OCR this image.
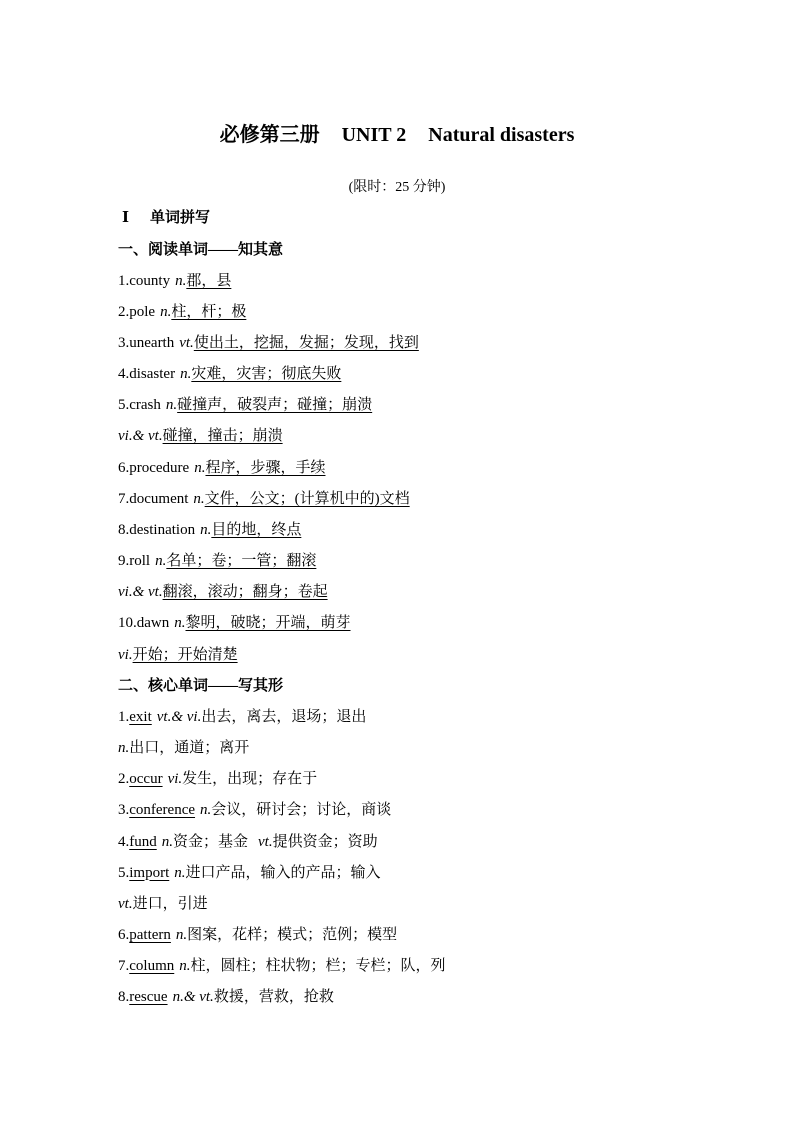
必修第三册 UNIT 2 Natural disasters
(限时：25 分钟)
Ⅰ 单词拼写
一、阅读单词——知其意
1.county n.郡，县
2.pole n.柱，杆；极
3.unearth vt.使出土，挖掘，发掘；发现，找到
4.disaster n.灾难，灾害；彻底失败
5.crash n.碰撞声，破裂声；碰撞；崩溃
vi.& vt.碰撞，撞击；崩溃
6.procedure n.程序，步骤，手续
7.document n.文件，公文；(计算机中的)文档
8.destination n.目的地，终点
9.roll n.名单；卷；一管；翻滚
vi.& vt.翻滚，滚动；翻身；卷起
10.dawn n.黎明，破晓；开端，萌芽
vi.开始；开始清楚
二、核心单词——写其形
1.exit vt.& vi.出去，离去，退场；退出
n.出口，通道；离开
2.occur vi.发生，出现；存在于
3.conference n.会议，研讨会；讨论，商谈
4.fund n.资金；基金 vt.提供资金；资助
5.import n.进口产品，输入的产品；输入
vt.进口，引进
6.pattern n.图案，花样；模式；范例；模型
7.column n.柱，圆柱；柱状物；栏；专栏；队，列
8.rescue n.& vt.救援，营救，抢救
